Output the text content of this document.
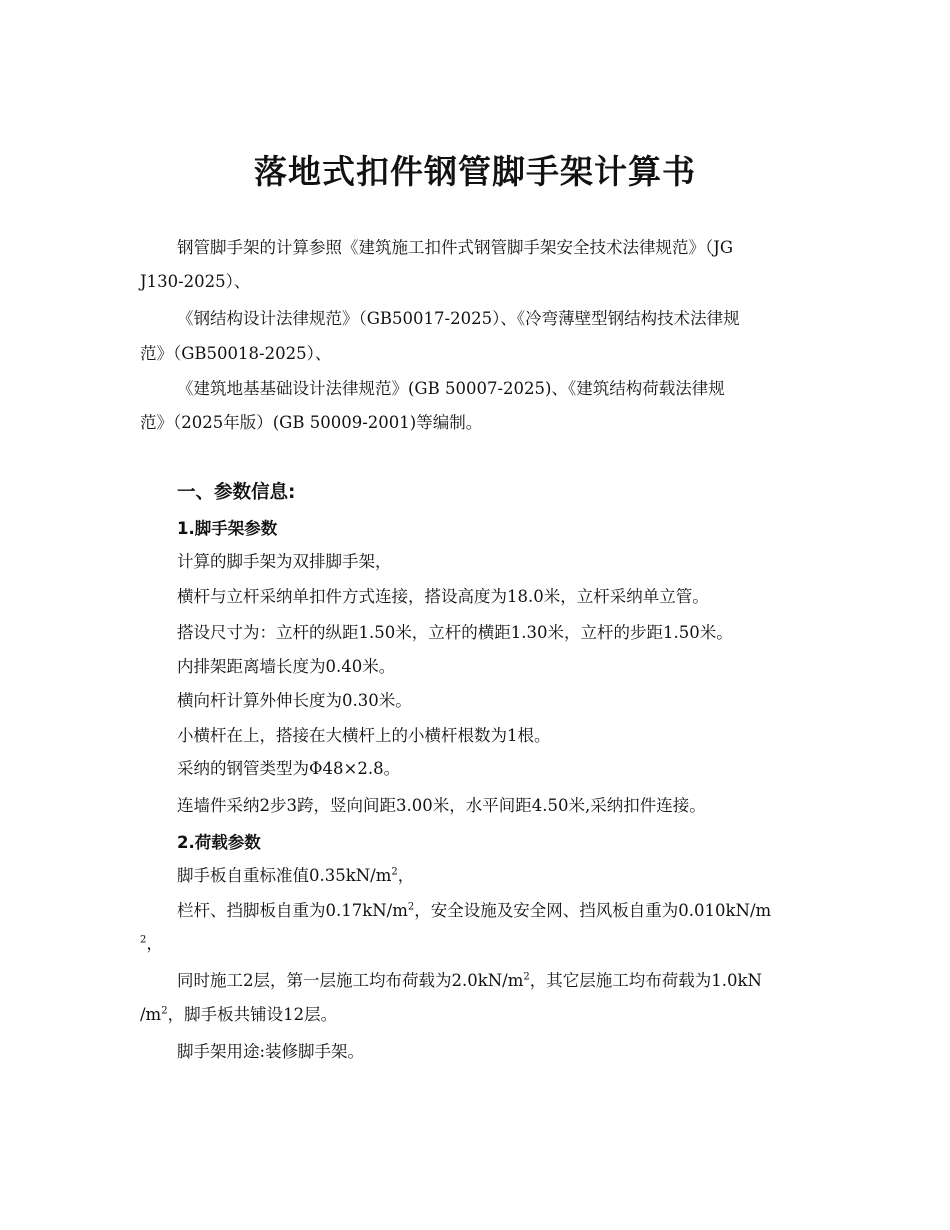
落地式扣件钢管脚手架计算书

钢管脚手架的计算参照《建筑施工扣件式钢管脚手架安全技术法律规范》（JG

J130-2025）、

《钢结构设计法律规范》（GB50017-2025）、《冷弯薄壁型钢结构技术法律规

范》（GB50018-2025）、

《建筑地基基础设计法律规范》(GB 50007-2025)、《建筑结构荷载法律规

范》（2025年版）(GB 50009-2001)等编制。

一、参数信息:
1.脚手架参数

计算的脚手架为双排脚手架，

横杆与立杆采纳单扣件方式连接，搭设高度为18.0米，立杆采纳单立管。

搭设尺寸为：立杆的纵距1.50米，立杆的横距1.30米，立杆的步距1.50米。

内排架距离墙长度为0.40米。

横向杆计算外伸长度为0.30米。

小横杆在上，搭接在大横杆上的小横杆根数为1根。

采纳的钢管类型为Φ48×2.8。

连墙件采纳2步3跨，竖向间距3.00米，水平间距4.50米,采纳扣件连接。

2.荷载参数

脚手板自重标准值$0.35kN/m^2$，

栏杆、挡脚板自重为$0.17kN/m^2$，安全设施及安全网、挡风板自重为0.010kN/m

$^2$，

同时施工2层，第一层施工均布荷载为$2.0kN/m^2$，其它层施工均布荷载为1.0kN

$/m^2$，脚手板共铺设12层。

脚手架用途:装修脚手架。
